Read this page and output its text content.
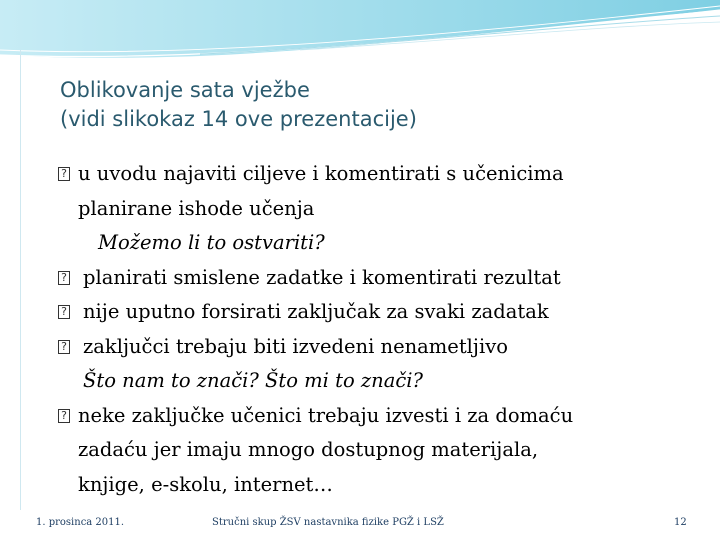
Oblikovanje sata vježbe
(vidi slikokaz 14 ove prezentacije)
?
u uvodu najaviti ciljeve i komentirati s učenicima
planirane ishode učenja
Možemo li to ostvariti?
?
planirati smislene zadatke i komentirati rezultat
?
nije uputno forsirati zaključak za svaki zadatak
?
zaključci trebaju biti izvedeni nenametljivo
Što nam to znači? Što mi to znači?
?
neke zaključke učenici trebaju izvesti i za domaću
zadaću jer imaju mnogo dostupnog materijala,
knjige, e-skolu, internet…
1. prosinca 2011.	Stručni skup ŽSV nastavnika fizike PGŽ i LSŽ	12
